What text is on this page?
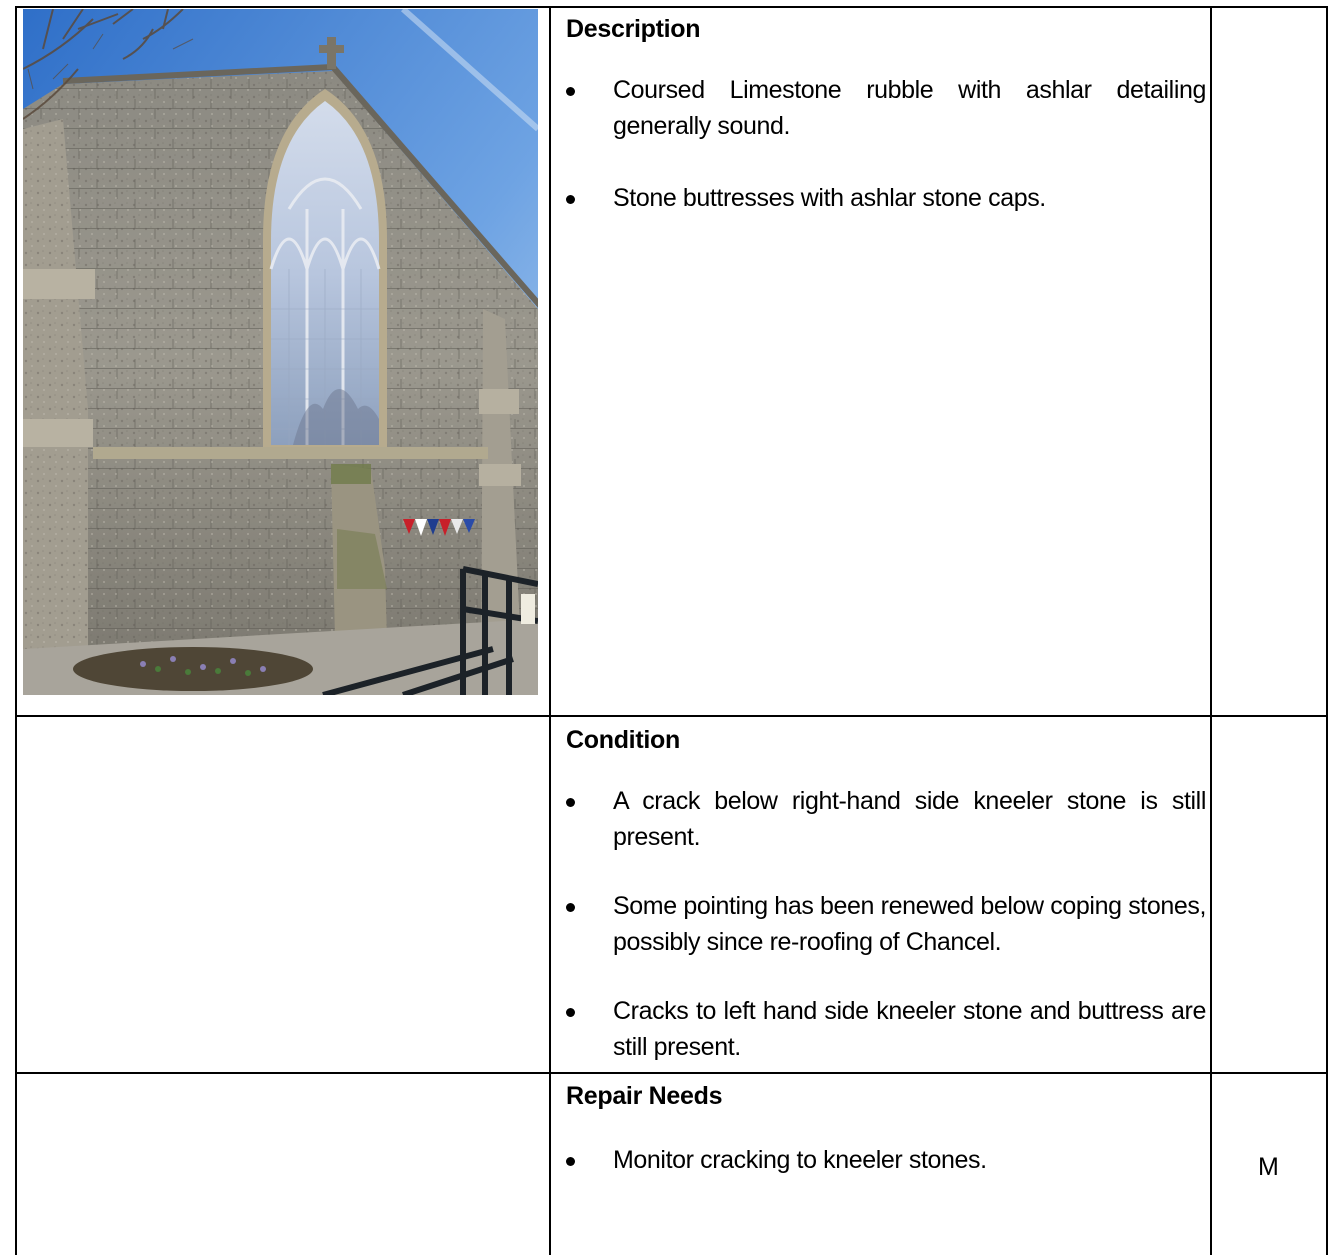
Description

Coursed Limestone rubble with ashlar detailing generally sound.
Stone buttresses with ashlar stone caps.

Condition

A crack below right-hand side kneeler stone is still present.
Some pointing has been renewed below coping stones, possibly since re-roofing of Chancel.
Cracks to left hand side kneeler stone and buttress are still present.

Repair Needs

Monitor cracking to kneeler stones.	M
